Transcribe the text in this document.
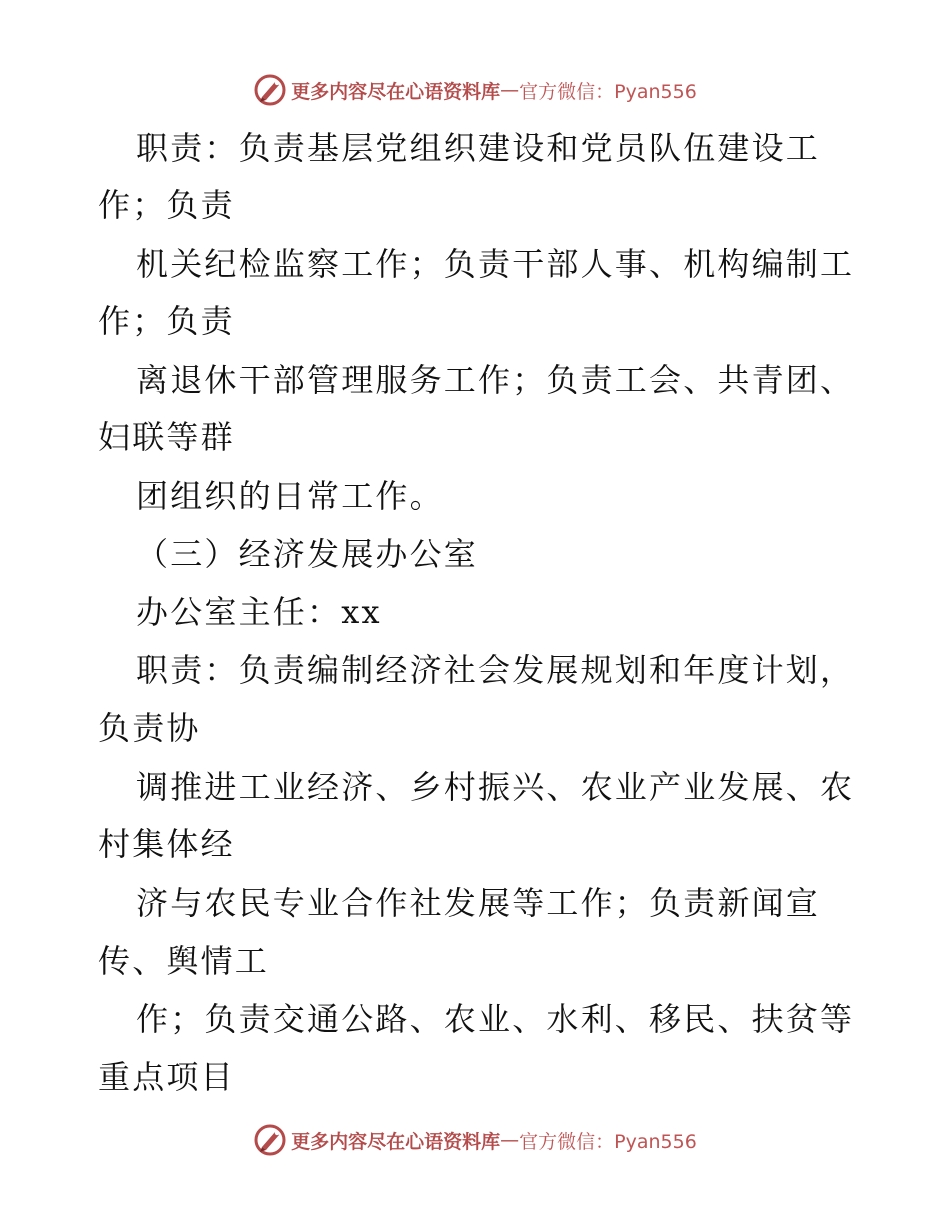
更多内容尽在心语资料库 — 官方微信：Pyan556
职责：负责基层党组织建设和党员队伍建设工
作；负责
机关纪检监察工作；负责干部人事、机构编制工
作；负责
离退休干部管理服务工作；负责工会、共青团、
妇联等群
团组织的日常工作。
（三）经济发展办公室
办公室主任：xx
职责：负责编制经济社会发展规划和年度计划，
负责协
调推进工业经济、乡村振兴、农业产业发展、农
村集体经
济与农民专业合作社发展等工作；负责新闻宣
传、舆情工
作；负责交通公路、农业、水利、移民、扶贫等
重点项目
更多内容尽在心语资料库 — 官方微信：Pyan556
